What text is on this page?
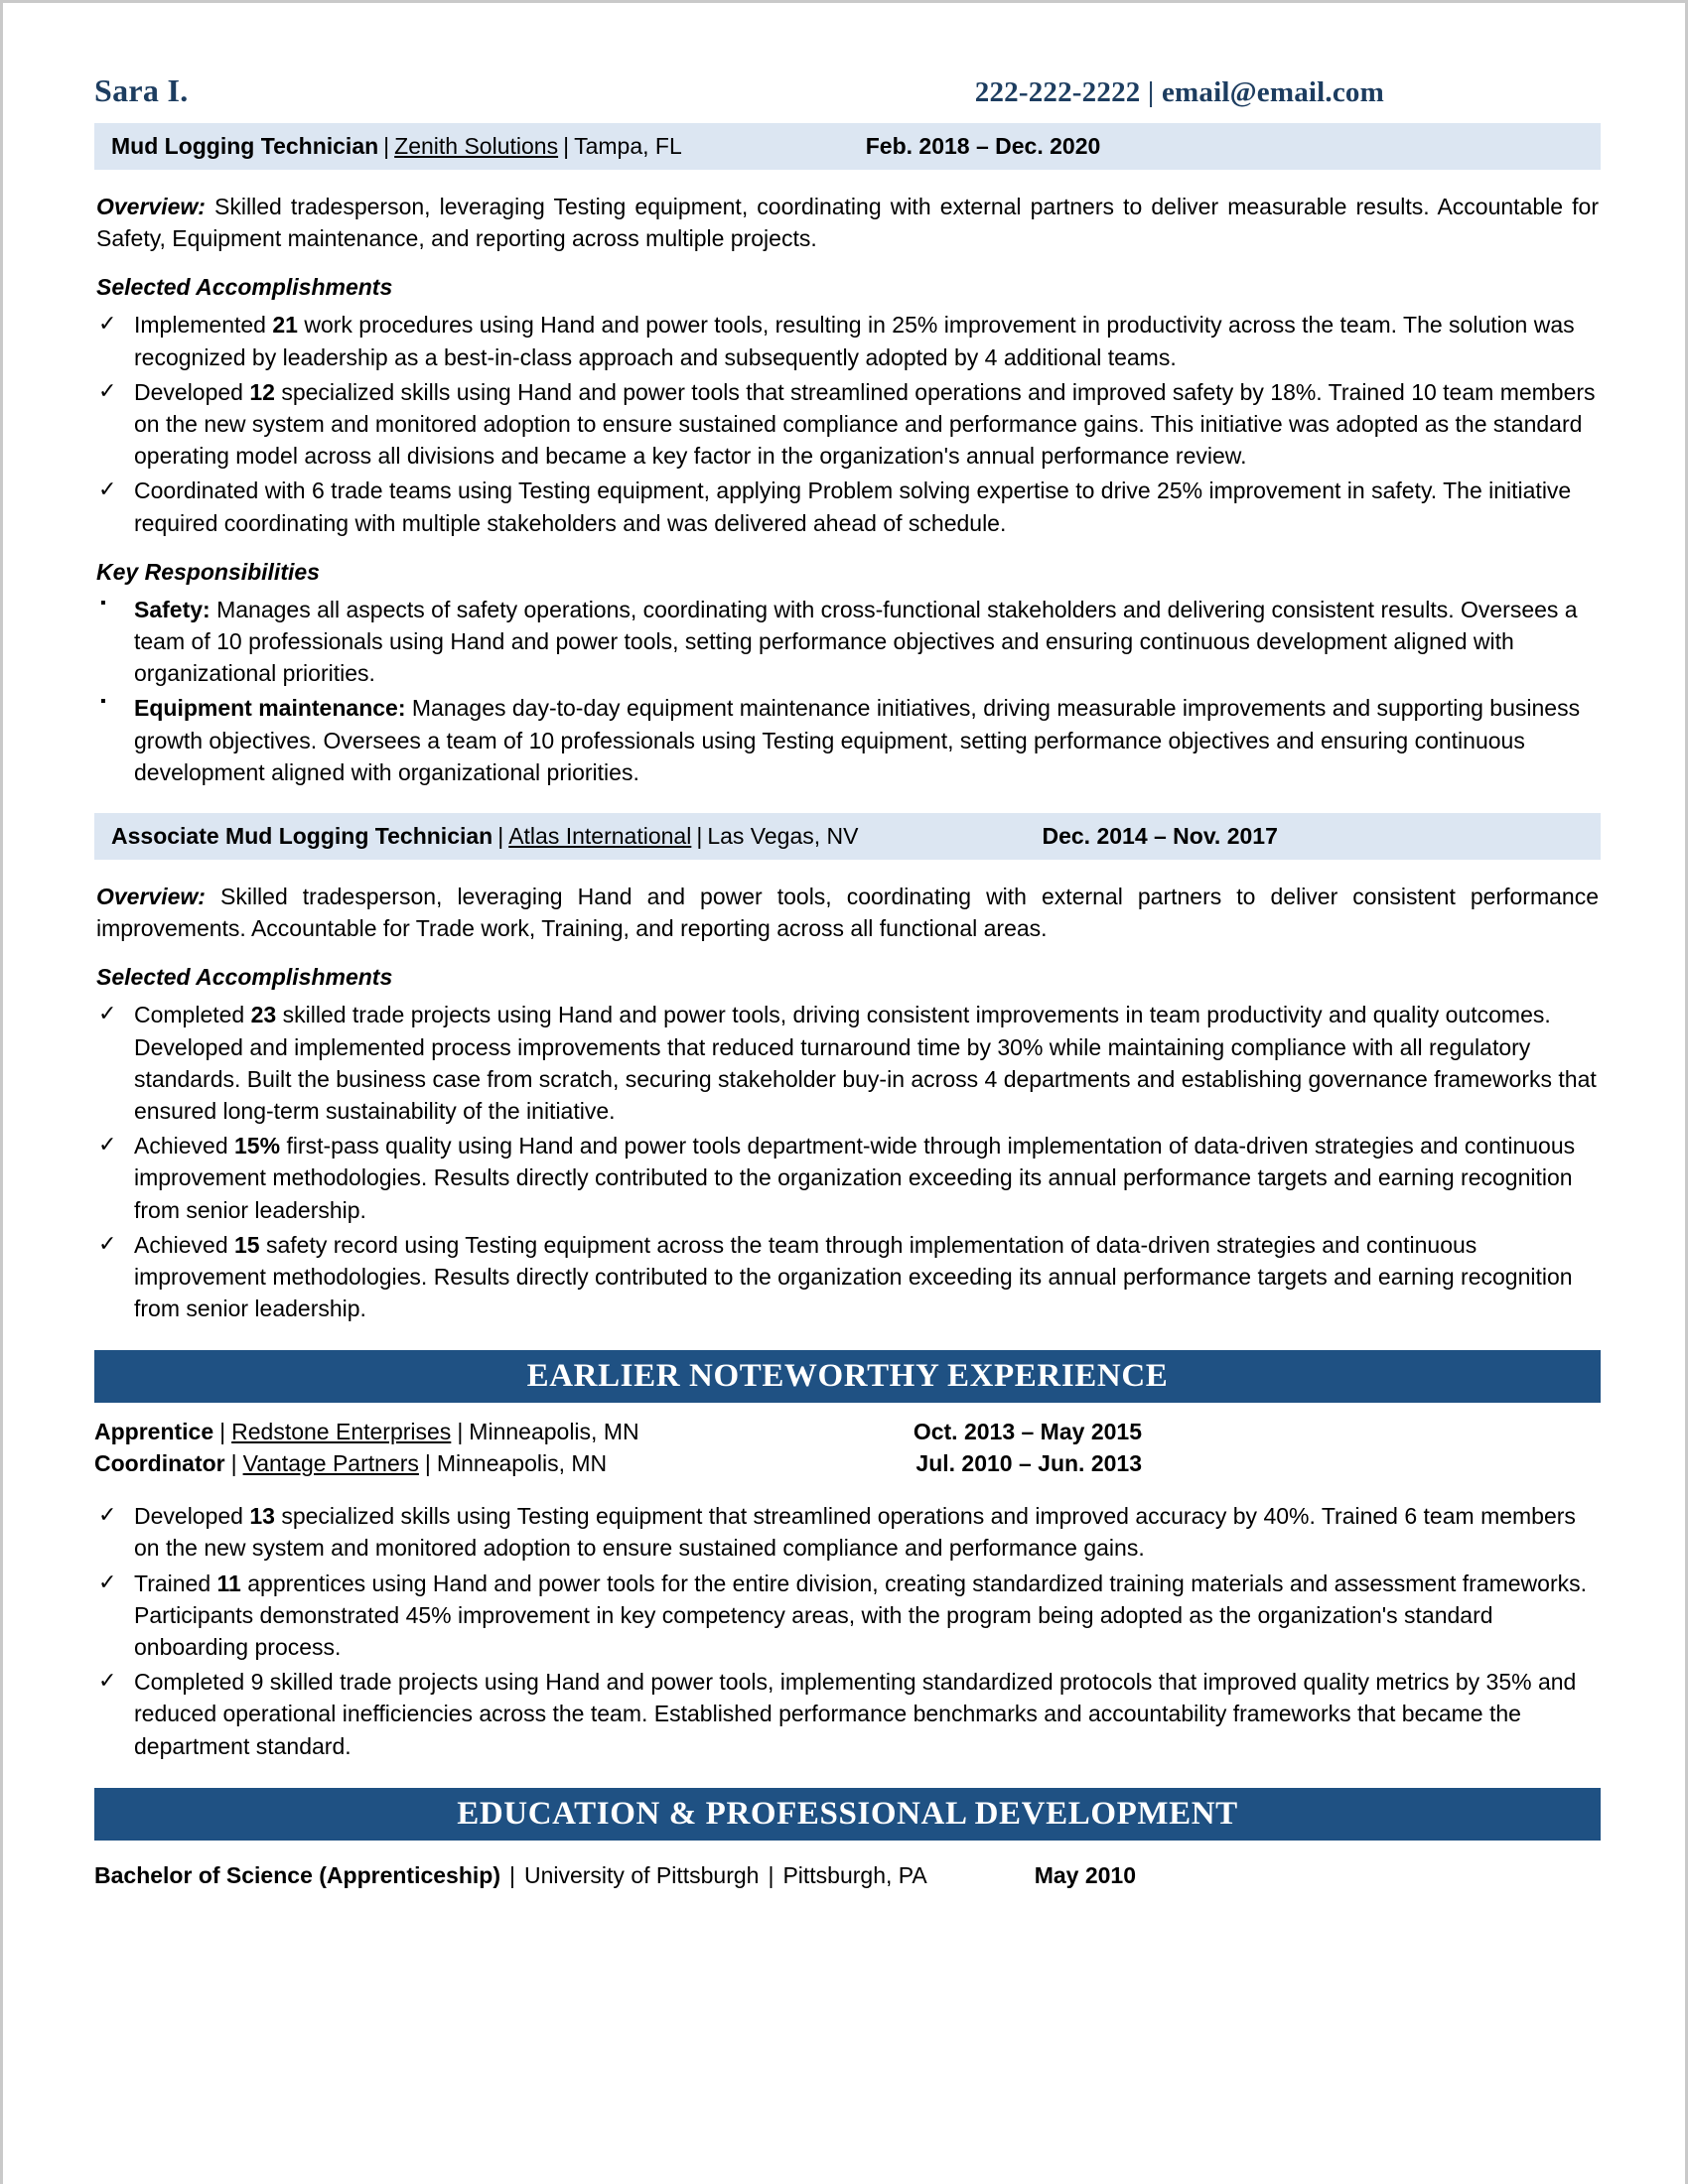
Sara I.	222-222-2222 | email@email.com
Mud Logging Technician | Zenith Solutions | Tampa, FL	Feb. 2018 – Dec. 2020

Overview: Skilled tradesperson, leveraging Testing equipment, coordinating with external partners to deliver measurable results. Accountable for Safety, Equipment maintenance, and reporting across multiple projects.

Selected Accomplishments
✓ Implemented 21 work procedures using Hand and power tools, resulting in 25% improvement in productivity across the team. The solution was recognized by leadership as a best-in-class approach and subsequently adopted by 4 additional teams.
✓ Developed 12 specialized skills using Hand and power tools that streamlined operations and improved safety by 18%. Trained 10 team members on the new system and monitored adoption to ensure sustained compliance and performance gains. This initiative was adopted as the standard operating model across all divisions and became a key factor in the organization's annual performance review.
✓ Coordinated with 6 trade teams using Testing equipment, applying Problem solving expertise to drive 25% improvement in safety. The initiative required coordinating with multiple stakeholders and was delivered ahead of schedule.
Key Responsibilities
▪ Safety: Manages all aspects of safety operations, coordinating with cross-functional stakeholders and delivering consistent results. Oversees a team of 10 professionals using Hand and power tools, setting performance objectives and ensuring continuous development aligned with organizational priorities.
▪ Equipment maintenance: Manages day-to-day equipment maintenance initiatives, driving measurable improvements and supporting business growth objectives. Oversees a team of 10 professionals using Testing equipment, setting performance objectives and ensuring continuous development aligned with organizational priorities.
Associate Mud Logging Technician | Atlas International | Las Vegas, NV	Dec. 2014 – Nov. 2017

Overview: Skilled tradesperson, leveraging Hand and power tools, coordinating with external partners to deliver consistent performance improvements. Accountable for Trade work, Training, and reporting across all functional areas.

Selected Accomplishments
✓ Completed 23 skilled trade projects using Hand and power tools, driving consistent improvements in team productivity and quality outcomes. Developed and implemented process improvements that reduced turnaround time by 30% while maintaining compliance with all regulatory standards. Built the business case from scratch, securing stakeholder buy-in across 4 departments and establishing governance frameworks that ensured long-term sustainability of the initiative.
✓ Achieved 15% first-pass quality using Hand and power tools department-wide through implementation of data-driven strategies and continuous improvement methodologies. Results directly contributed to the organization exceeding its annual performance targets and earning recognition from senior leadership.
✓ Achieved 15 safety record using Testing equipment across the team through implementation of data-driven strategies and continuous improvement methodologies. Results directly contributed to the organization exceeding its annual performance targets and earning recognition from senior leadership.
EARLIER NOTEWORTHY EXPERIENCE
Apprentice | Redstone Enterprises | Minneapolis, MN	Oct. 2013 – May 2015
Coordinator | Vantage Partners | Minneapolis, MN	Jul. 2010 – Jun. 2013
✓ Developed 13 specialized skills using Testing equipment that streamlined operations and improved accuracy by 40%. Trained 6 team members on the new system and monitored adoption to ensure sustained compliance and performance gains.
✓ Trained 11 apprentices using Hand and power tools for the entire division, creating standardized training materials and assessment frameworks. Participants demonstrated 45% improvement in key competency areas, with the program being adopted as the organization's standard onboarding process.
✓ Completed 9 skilled trade projects using Hand and power tools, implementing standardized protocols that improved quality metrics by 35% and reduced operational inefficiencies across the team. Established performance benchmarks and accountability frameworks that became the department standard.
EDUCATION & PROFESSIONAL DEVELOPMENT
Bachelor of Science (Apprenticeship) | University of Pittsburgh | Pittsburgh, PA	May 2010
